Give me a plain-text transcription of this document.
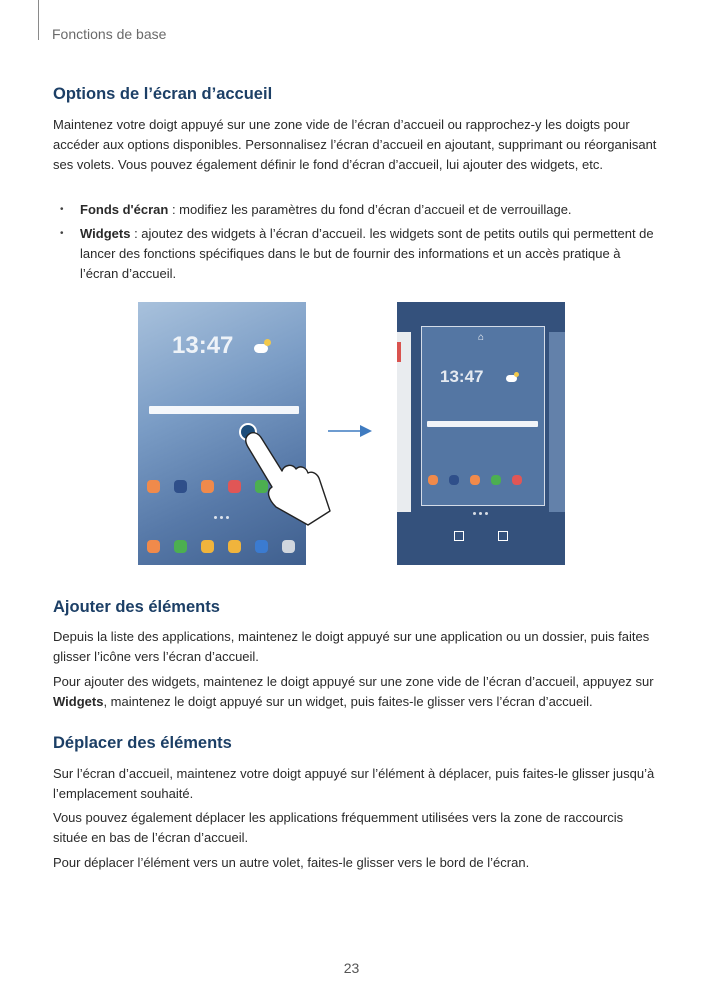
Fonctions de base
Options de l’écran d’accueil

Maintenez votre doigt appuyé sur une zone vide de l’écran d’accueil ou rapprochez-y les doigts pour accéder aux options disponibles. Personnalisez l’écran d’accueil en ajoutant, supprimant ou réorganisant ses volets. Vous pouvez également définir le fond d’écran d’accueil, lui ajouter des widgets, etc.

• Fonds d'écran : modifiez les paramètres du fond d’écran d’accueil et de verrouillage.
• Widgets : ajoutez des widgets à l’écran d’accueil. les widgets sont de petits outils qui permettent de lancer des fonctions spécifiques dans le but de fournir des informations et un accès pratique à l’écran d’accueil.
13:47	⌂
13:47
Ajouter des éléments

Depuis la liste des applications, maintenez le doigt appuyé sur une application ou un dossier, puis faites glisser l’icône vers l’écran d’accueil.

Pour ajouter des widgets, maintenez le doigt appuyé sur une zone vide de l’écran d’accueil, appuyez sur Widgets, maintenez le doigt appuyé sur un widget, puis faites-le glisser vers l’écran d’accueil.

Déplacer des éléments

Sur l’écran d’accueil, maintenez votre doigt appuyé sur l’élément à déplacer, puis faites-le glisser jusqu’à l’emplacement souhaité.

Vous pouvez également déplacer les applications fréquemment utilisées vers la zone de raccourcis située en bas de l’écran d’accueil.

Pour déplacer l’élément vers un autre volet, faites-le glisser vers le bord de l’écran.

23
